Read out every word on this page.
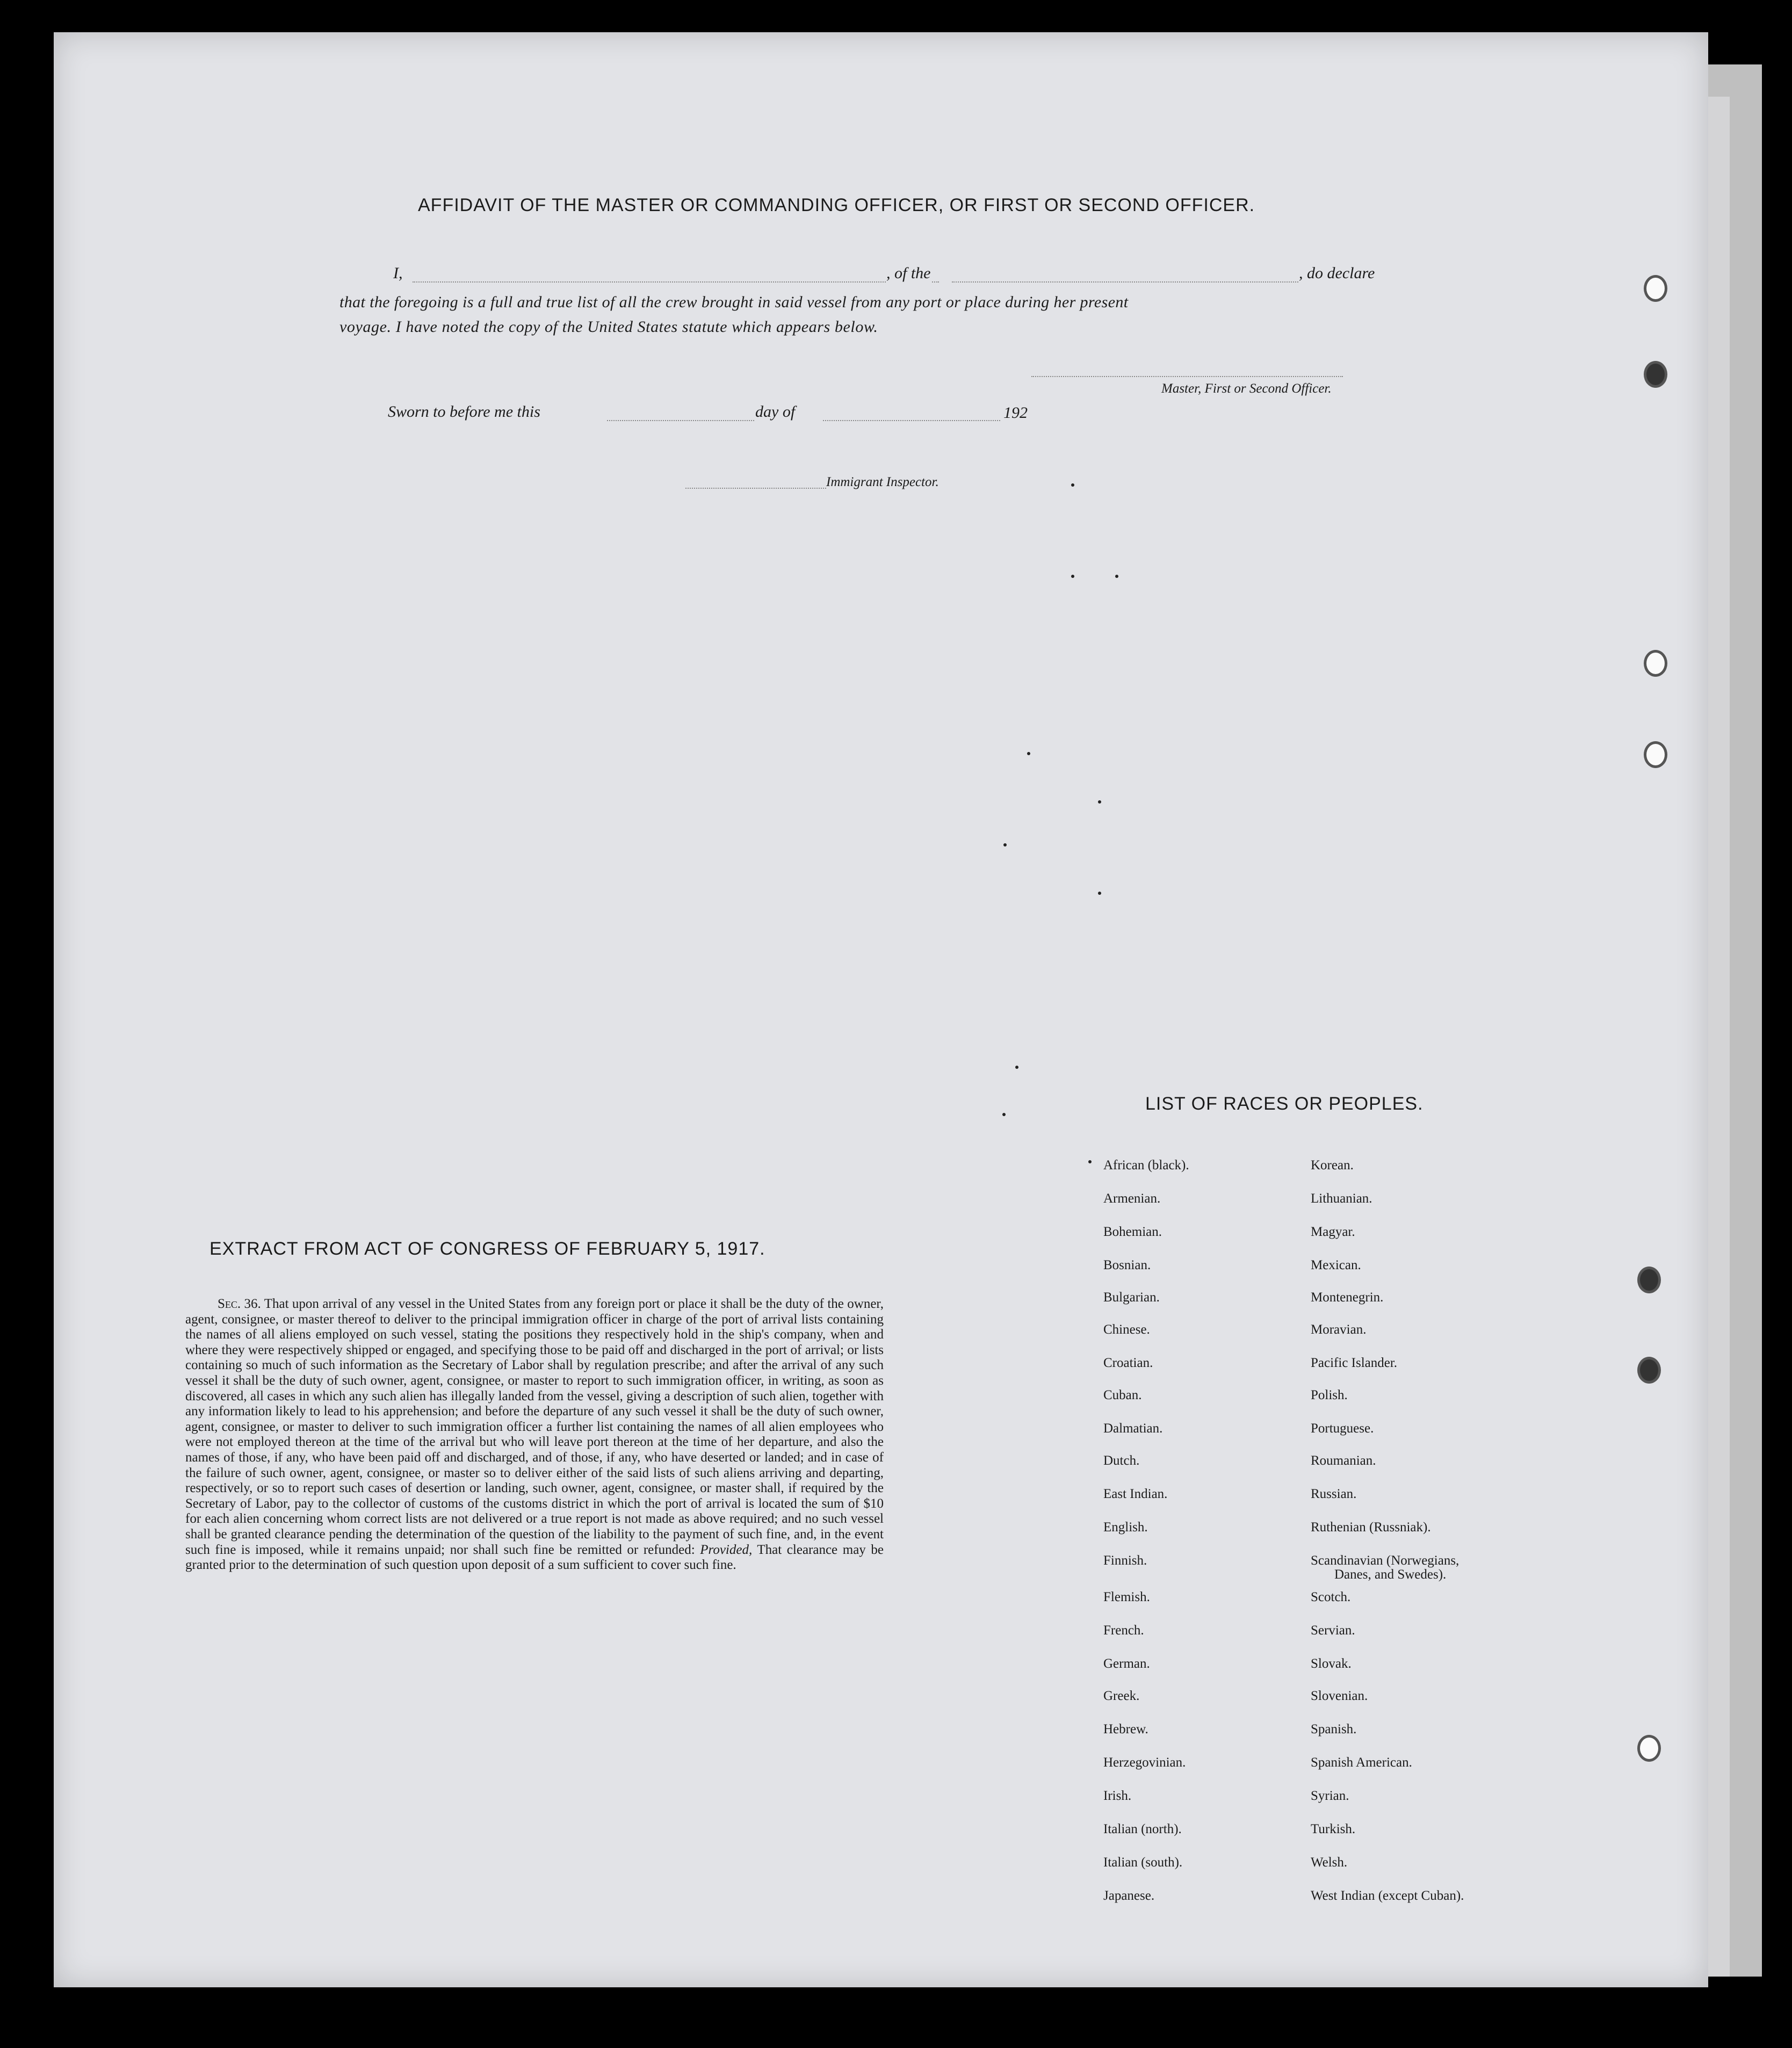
AFFIDAVIT OF THE MASTER OR COMMANDING OFFICER, OR FIRST OR SECOND OFFICER.
I,	, of the	, do declare
that the foregoing is a full and true list of all the crew brought in said vessel from any port or place during her present
voyage. I have noted the copy of the United States statute which appears below.
Master, First or Second Officer.
Sworn to before me this	day of	192
Immigrant Inspector.
LIST OF RACES OR PEOPLES.
EXTRACT FROM ACT OF CONGRESS OF FEBRUARY 5, 1917.
Sec. 36. That upon arrival of any vessel in the United States from any foreign port or place it shall be the duty of the owner, agent, consignee, or master thereof to deliver to the principal immigration officer in charge of the port of arrival lists containing the names of all aliens employed on such vessel, stating the positions they respectively hold in the ship's company, when and where they were respectively shipped or engaged, and specifying those to be paid off and discharged in the port of arrival; or lists containing so much of such information as the Secretary of Labor shall by regulation prescribe; and after the arrival of any such vessel it shall be the duty of such owner, agent, consignee, or master to report to such immigration officer, in writing, as soon as discovered, all cases in which any such alien has illegally landed from the vessel, giving a description of such alien, together with any information likely to lead to his apprehension; and before the departure of any such vessel it shall be the duty of such owner, agent, consignee, or master to deliver to such immigration officer a further list containing the names of all alien employees who were not employed thereon at the time of the arrival but who will leave port thereon at the time of her departure, and also the names of those, if any, who have been paid off and discharged, and of those, if any, who have deserted or landed; and in case of the failure of such owner, agent, consignee, or master so to deliver either of the said lists of such aliens arriving and departing, respectively, or so to report such cases of desertion or landing, such owner, agent, consignee, or master shall, if required by the Secretary of Labor, pay to the collector of customs of the customs district in which the port of arrival is located the sum of $10 for each alien concerning whom correct lists are not delivered or a true report is not made as above required; and no such vessel shall be granted clearance pending the determination of the question of the liability to the payment of such fine, and, in the event such fine is imposed, while it remains unpaid; nor shall such fine be remitted or refunded: Provided, That clearance may be granted prior to the determination of such question upon deposit of a sum sufficient to cover such fine.
African (black).
Armenian.
Bohemian.
Bosnian.
Bulgarian.
Chinese.
Croatian.
Cuban.
Dalmatian.
Dutch.
East Indian.
English.
Finnish.
Flemish.
French.
German.
Greek.
Hebrew.
Herzegovinian.
Irish.
Italian (north).
Italian (south).
Japanese.
Korean.
Lithuanian.
Magyar.
Mexican.
Montenegrin.
Moravian.
Pacific Islander.
Polish.
Portuguese.
Roumanian.
Russian.
Ruthenian (Russniak).
Scandinavian (Norwegians,
Scotch.
Servian.
Slovak.
Slovenian.
Spanish.
Spanish American.
Syrian.
Turkish.
Welsh.
West Indian (except Cuban).
Danes, and Swedes).
